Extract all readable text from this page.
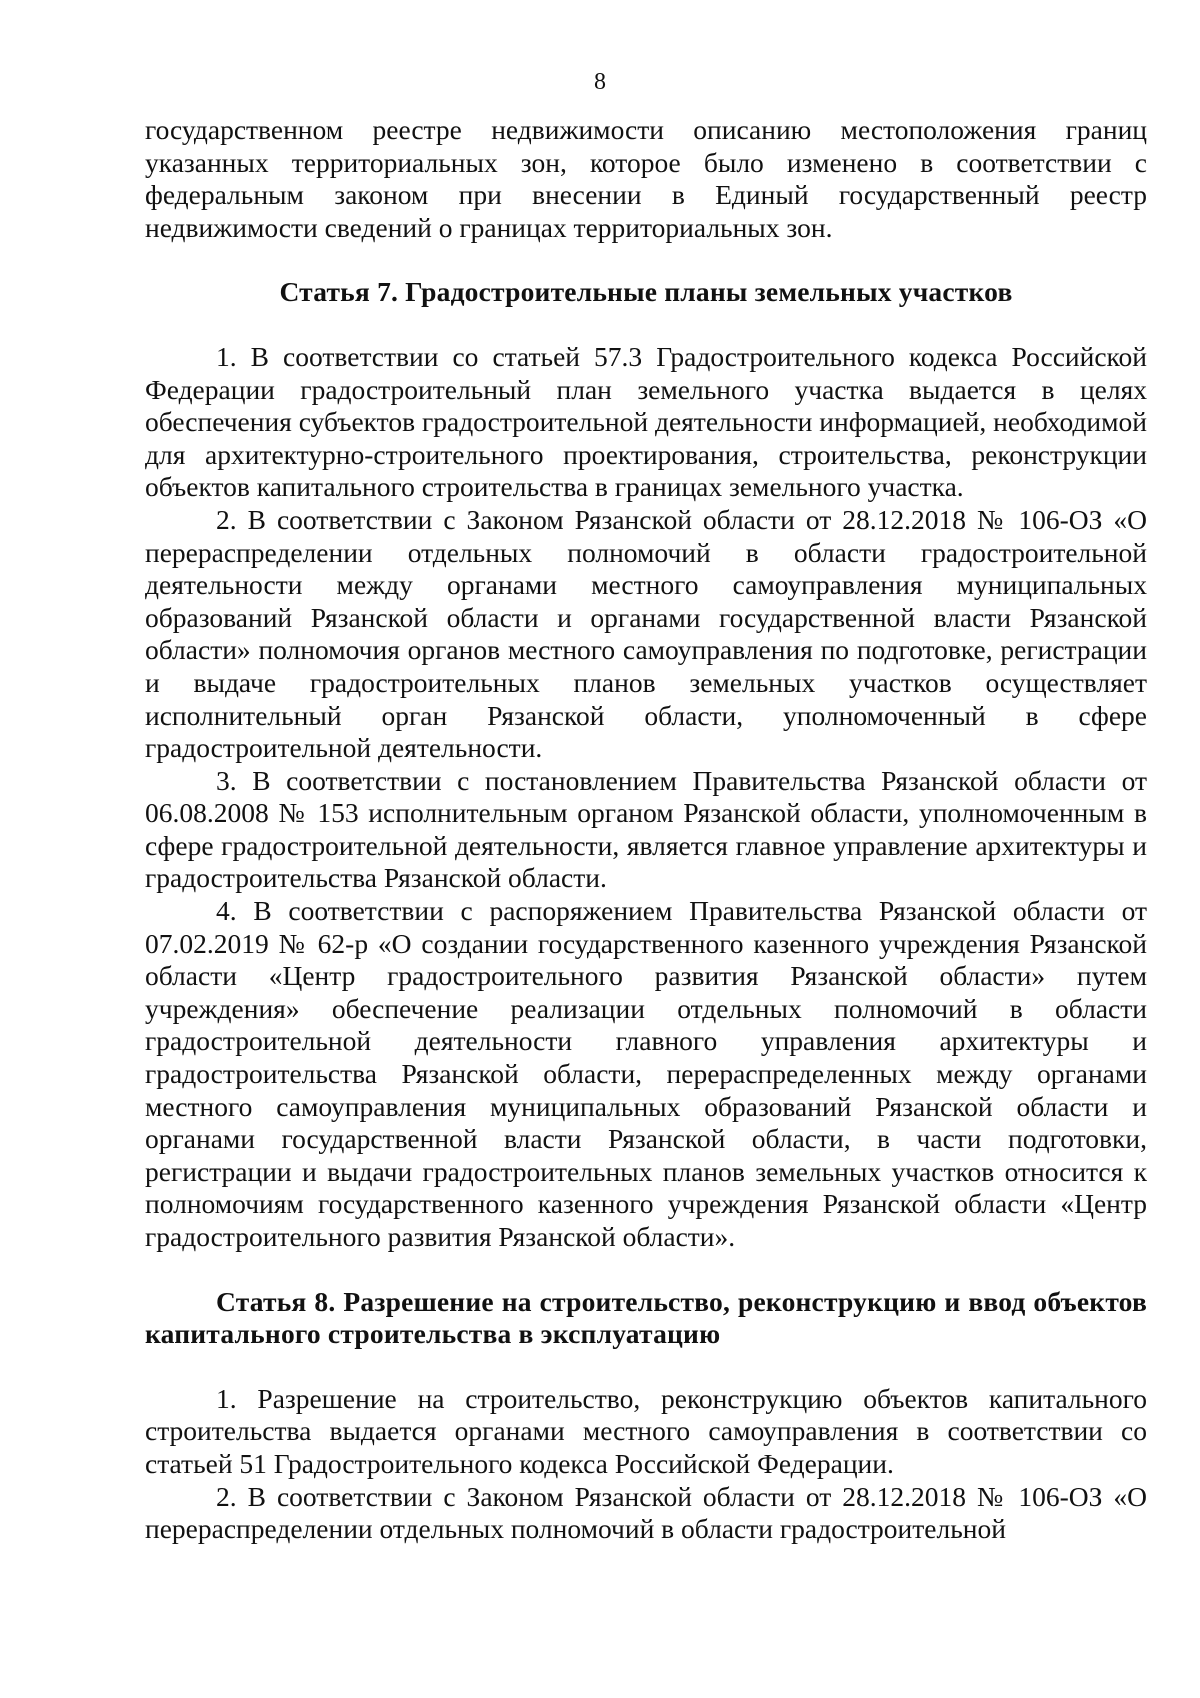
8

государственном реестре недвижимости описанию местоположения границ указанных территориальных зон, которое было изменено в соответствии с федеральным законом при внесении в Единый государственный реестр недвижимости сведений о границах территориальных зон.

Статья 7. Градостроительные планы земельных участков

1. В соответствии со статьей 57.3 Градостроительного кодекса Российской Федерации градостроительный план земельного участка выдается в целях обеспечения субъектов градостроительной деятельности информацией, необходимой для архитектурно-строительного проектирования, строительства, реконструкции объектов капитального строительства в границах земельного участка.

2. В соответствии с Законом Рязанской области от 28.12.2018 № 106-ОЗ «О перераспределении отдельных полномочий в области градостроительной деятельности между органами местного самоуправления муниципальных образований Рязанской области и органами государственной власти Рязанской области» полномочия органов местного самоуправления по подготовке, регистрации и выдаче градостроительных планов земельных участков осуществляет исполнительный орган Рязанской области, уполномоченный в сфере градостроительной деятельности.

3. В соответствии с постановлением Правительства Рязанской области от 06.08.2008 № 153 исполнительным органом Рязанской области, уполномоченным в сфере градостроительной деятельности, является главное управление архитектуры и градостроительства Рязанской области.

4. В соответствии с распоряжением Правительства Рязанской области от 07.02.2019 № 62-р «О создании государственного казенного учреждения Рязанской области «Центр градостроительного развития Рязанской области» путем учреждения» обеспечение реализации отдельных полномочий в области градостроительной деятельности главного управления архитектуры и градостроительства Рязанской области, перераспределенных между органами местного самоуправления муниципальных образований Рязанской области и органами государственной власти Рязанской области, в части подготовки, регистрации и выдачи градостроительных планов земельных участков относится к полномочиям государственного казенного учреждения Рязанской области «Центр градостроительного развития Рязанской области».

Статья 8. Разрешение на строительство, реконструкцию и ввод объектов капитального строительства в эксплуатацию

1. Разрешение на строительство, реконструкцию объектов капитального строительства выдается органами местного самоуправления в соответствии со статьей 51 Градостроительного кодекса Российской Федерации.

2. В соответствии с Законом Рязанской области от 28.12.2018 № 106-ОЗ «О перераспределении отдельных полномочий в области градостроительной
